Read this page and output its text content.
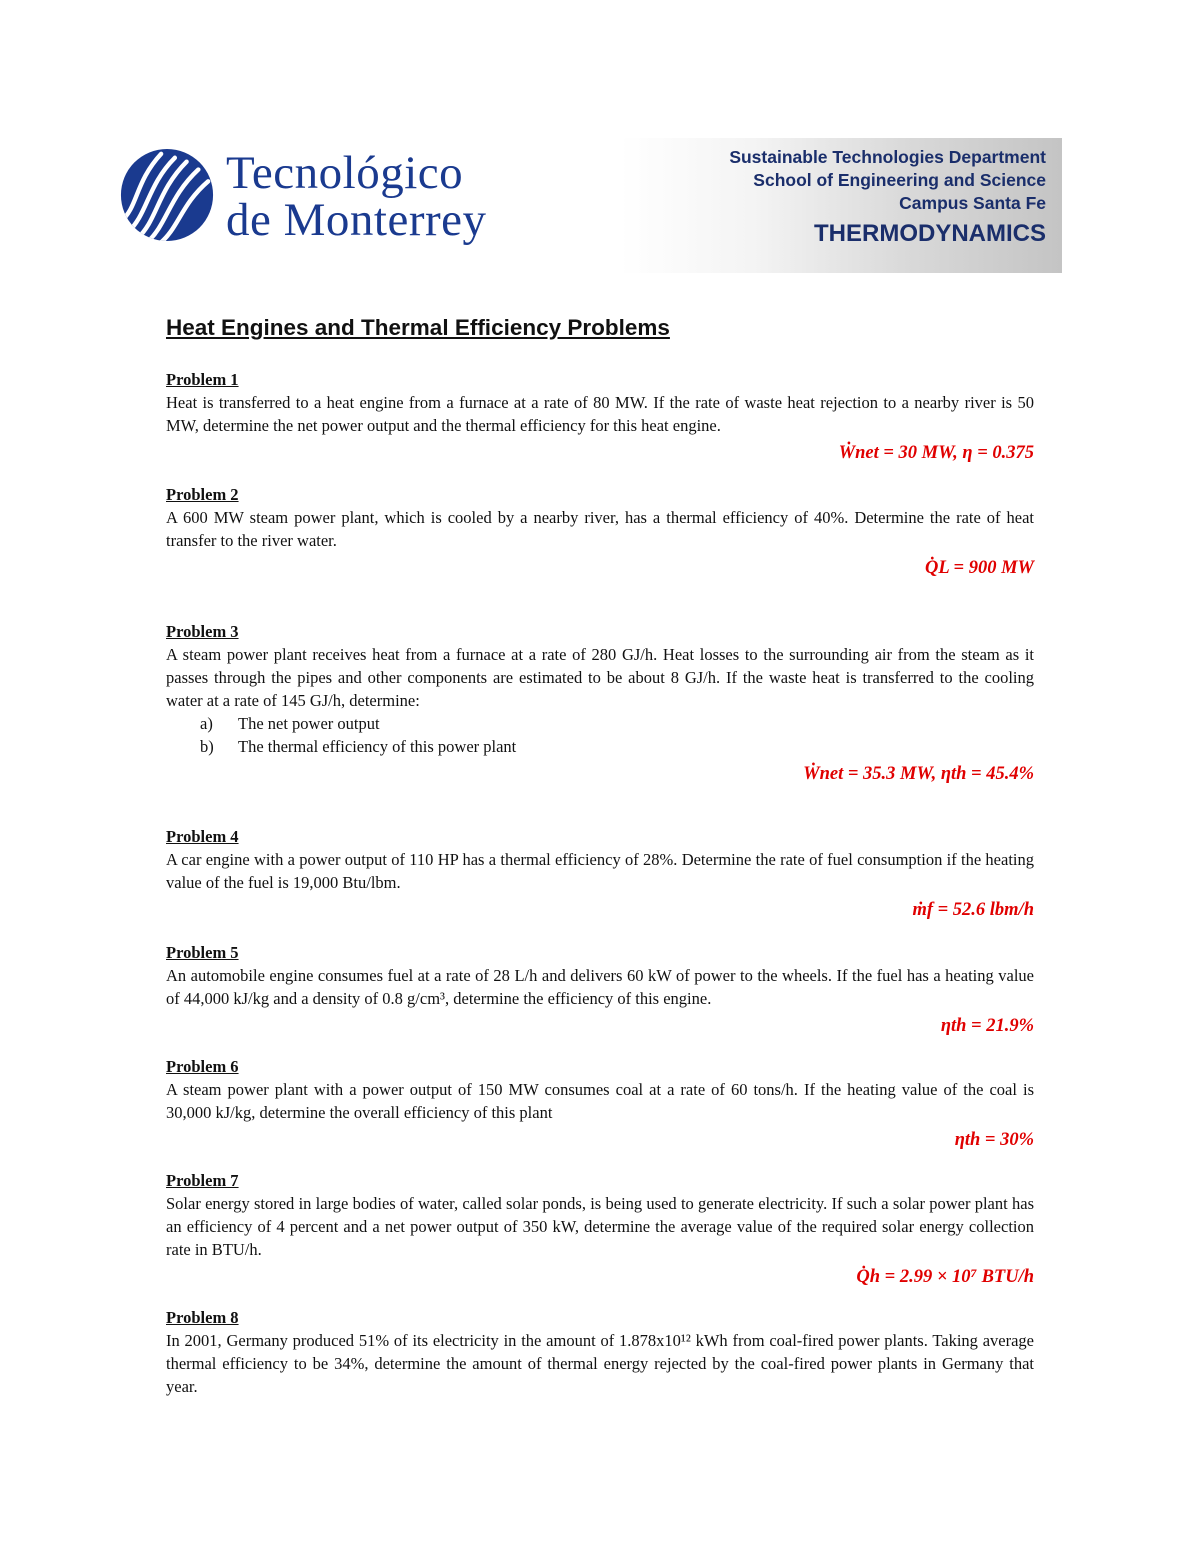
Tecnológico
de Monterrey
Sustainable Technologies Department
School of Engineering and Science
Campus Santa Fe
THERMODYNAMICS
Heat Engines and Thermal Efficiency Problems
Problem 1
Heat is transferred to a heat engine from a furnace at a rate of 80 MW. If the rate of waste heat rejection to a nearby river is 50 MW, determine the net power output and the thermal efficiency for this heat engine.
Ẇnet = 30 MW, η = 0.375
Problem 2
A 600 MW steam power plant, which is cooled by a nearby river, has a thermal efficiency of 40%. Determine the rate of heat transfer to the river water.
Q̇L = 900 MW
Problem 3
A steam power plant receives heat from a furnace at a rate of 280 GJ/h. Heat losses to the surrounding air from the steam as it passes through the pipes and other components are estimated to be about 8 GJ/h. If the waste heat is transferred to the cooling water at a rate of 145 GJ/h, determine:
a) The net power output
b) The thermal efficiency of this power plant
Ẇnet = 35.3 MW, ηth = 45.4%
Problem 4
A car engine with a power output of 110 HP has a thermal efficiency of 28%. Determine the rate of fuel consumption if the heating value of the fuel is 19,000 Btu/lbm.
ṁf = 52.6 lbm/h
Problem 5
An automobile engine consumes fuel at a rate of 28 L/h and delivers 60 kW of power to the wheels. If the fuel has a heating value of 44,000 kJ/kg and a density of 0.8 g/cm³, determine the efficiency of this engine.
ηth = 21.9%
Problem 6
A steam power plant with a power output of 150 MW consumes coal at a rate of 60 tons/h. If the heating value of the coal is 30,000 kJ/kg, determine the overall efficiency of this plant
ηth = 30%
Problem 7
Solar energy stored in large bodies of water, called solar ponds, is being used to generate electricity. If such a solar power plant has an efficiency of 4 percent and a net power output of 350 kW, determine the average value of the required solar energy collection rate in BTU/h.
Q̇h = 2.99 × 10⁷ BTU/h
Problem 8
In 2001, Germany produced 51% of its electricity in the amount of 1.878x10¹² kWh from coal-fired power plants. Taking average thermal efficiency to be 34%, determine the amount of thermal energy rejected by the coal-fired power plants in Germany that year.
